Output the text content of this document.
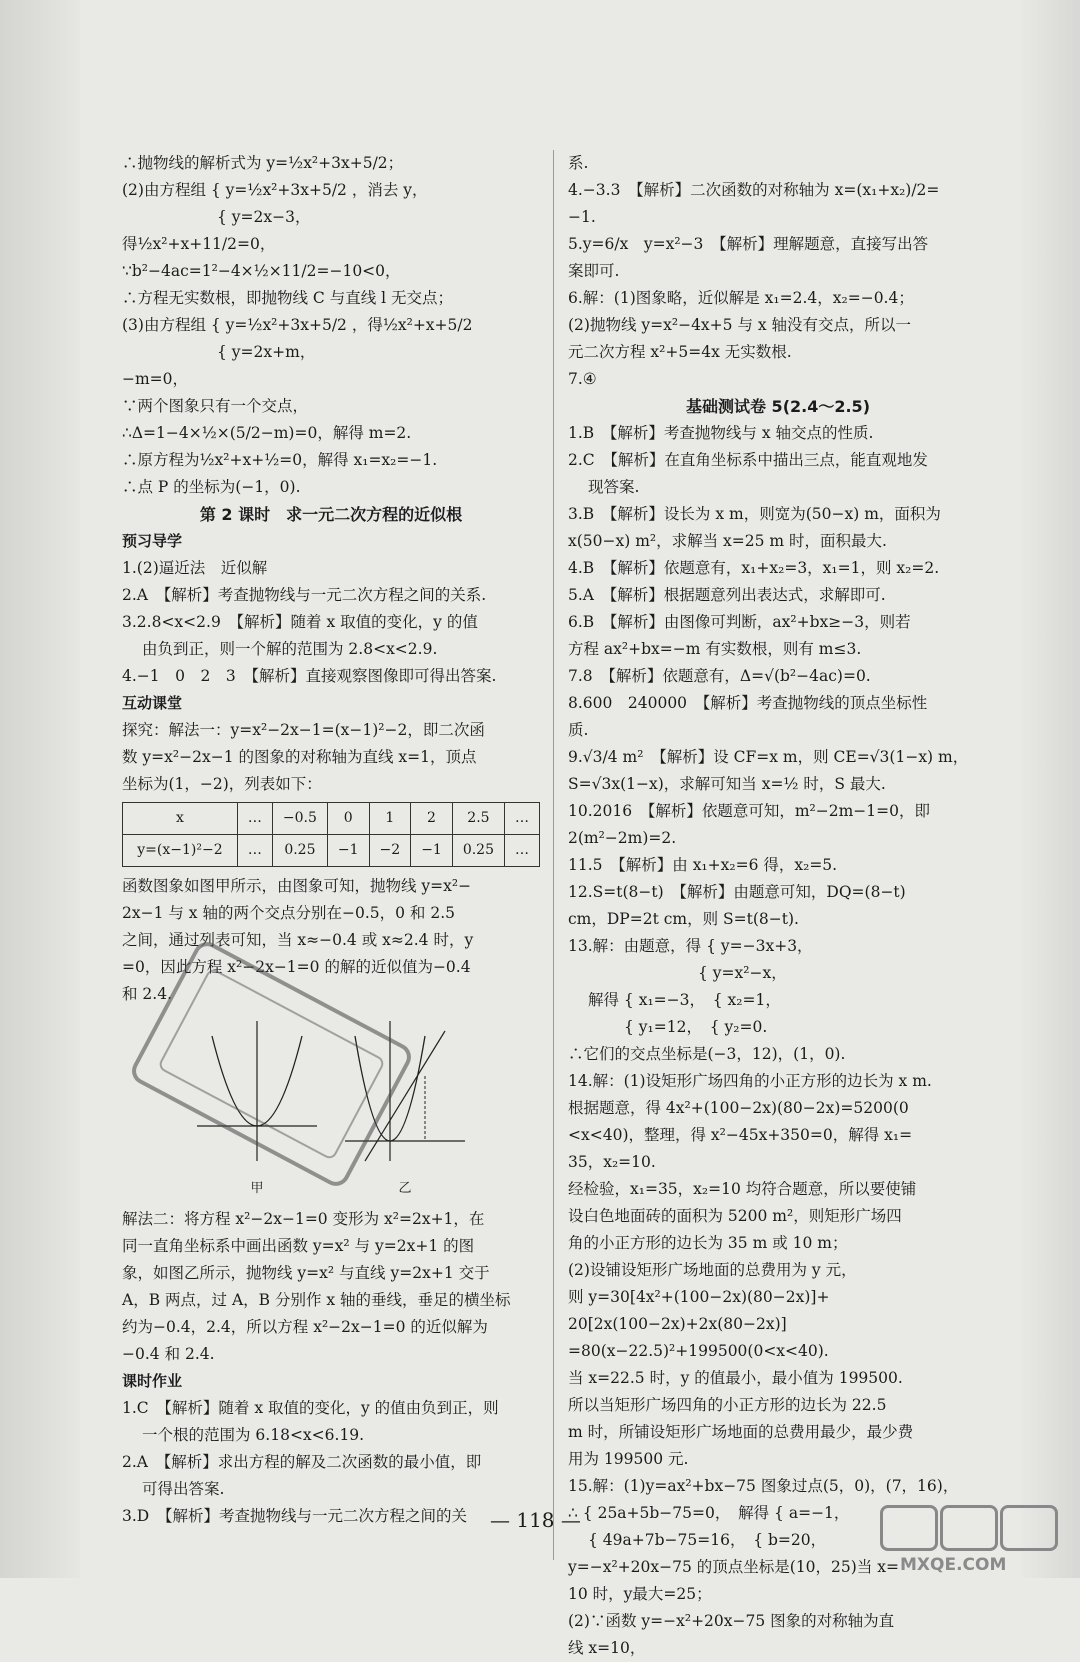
∴抛物线的解析式为 y=½x²+3x+5/2；
(2)由方程组 { y=½x²+3x+5/2 ，消去 y，
{ y=2x−3，
得½x²+x+11/2=0，
∵b²−4ac=1²−4×½×11/2=−10<0，
∴方程无实数根，即抛物线 C 与直线 l 无交点；
(3)由方程组 { y=½x²+3x+5/2 ，得½x²+x+5/2
{ y=2x+m，
−m=0，
∵两个图象只有一个交点，
∴Δ=1−4×½×(5/2−m)=0，解得 m=2.
∴原方程为½x²+x+½=0，解得 x₁=x₂=−1.
∴点 P 的坐标为(−1，0).
第 2 课时　求一元二次方程的近似根
预习导学
1.(2)逼近法　近似解
2.A　【解析】考查抛物线与一元二次方程之间的关系.
3.2.8<x<2.9　【解析】随着 x 取值的变化，y 的值
由负到正，则一个解的范围为 2.8<x<2.9.
4.−1　0　2　3　【解析】直接观察图像即可得出答案.
互动课堂
探究：解法一：y=x²−2x−1=(x−1)²−2，即二次函
数 y=x²−2x−1 的图象的对称轴为直线 x=1，顶点
坐标为(1，−2)，列表如下：
x	…	−0.5	0	1	2	2.5	…
y=(x−1)²−2	…	0.25	−1	−2	−1	0.25	…
函数图象如图甲所示，由图象可知，抛物线 y=x²−
2x−1 与 x 轴的两个交点分别在−0.5，0 和 2.5
之间，通过列表可知，当 x≈−0.4 或 x≈2.4 时，y
=0，因此方程 x²−2x−1=0 的解的近似值为−0.4
和 2.4.
甲	乙
解法二：将方程 x²−2x−1=0 变形为 x²=2x+1，在
同一直角坐标系中画出函数 y=x² 与 y=2x+1 的图
象，如图乙所示，抛物线 y=x² 与直线 y=2x+1 交于
A，B 两点，过 A，B 分别作 x 轴的垂线，垂足的横坐标
约为−0.4，2.4，所以方程 x²−2x−1=0 的近似解为
−0.4 和 2.4.
课时作业
1.C　【解析】随着 x 取值的变化，y 的值由负到正，则
一个根的范围为 6.18<x<6.19.
2.A　【解析】求出方程的解及二次函数的最小值，即
可得出答案.
3.D　【解析】考查抛物线与一元二次方程之间的关
系.
4.−3.3　【解析】二次函数的对称轴为 x=(x₁+x₂)/2=
−1.
5.y=6/x　y=x²−3　【解析】理解题意，直接写出答
案即可.
6.解：(1)图象略，近似解是 x₁=2.4，x₂=−0.4；
(2)抛物线 y=x²−4x+5 与 x 轴没有交点，所以一
元二次方程 x²+5=4x 无实数根.
7.④
基础测试卷 5(2.4～2.5)
1.B　【解析】考查抛物线与 x 轴交点的性质.
2.C　【解析】在直角坐标系中描出三点，能直观地发
现答案.
3.B　【解析】设长为 x m，则宽为(50−x) m，面积为
x(50−x) m²，求解当 x=25 m 时，面积最大.
4.B　【解析】依题意有，x₁+x₂=3，x₁=1，则 x₂=2.
5.A　【解析】根据题意列出表达式，求解即可.
6.B　【解析】由图像可判断，ax²+bx≥−3，则若
方程 ax²+bx=−m 有实数根，则有 m≤3.
7.8　【解析】依题意有，Δ=√(b²−4ac)=0.
8.600　240000　【解析】考查抛物线的顶点坐标性
质.
9.√3/4 m²　【解析】设 CF=x m，则 CE=√3(1−x) m，
S=√3x(1−x)，求解可知当 x=½ 时，S 最大.
10.2016　【解析】依题意可知，m²−2m−1=0，即
2(m²−2m)=2.
11.5　【解析】由 x₁+x₂=6 得，x₂=5.
12.S=t(8−t)　【解析】由题意可知，DQ=(8−t)
cm，DP=2t cm，则 S=t(8−t).
13.解：由题意，得 { y=−3x+3，
{ y=x²−x，
解得 { x₁=−3，　{ x₂=1，
{ y₁=12，　{ y₂=0.
∴它们的交点坐标是(−3，12)，(1，0).
14.解：(1)设矩形广场四角的小正方形的边长为 x m.
根据题意，得 4x²+(100−2x)(80−2x)=5200(0
<x<40)，整理，得 x²−45x+350=0，解得 x₁=
35，x₂=10.
经检验，x₁=35，x₂=10 均符合题意，所以要使铺
设白色地面砖的面积为 5200 m²，则矩形广场四
角的小正方形的边长为 35 m 或 10 m；
(2)设铺设矩形广场地面的总费用为 y 元，
则 y=30[4x²+(100−2x)(80−2x)]+
20[2x(100−2x)+2x(80−2x)]
=80(x−22.5)²+199500(0<x<40).
当 x=22.5 时，y 的值最小，最小值为 199500.
所以当矩形广场四角的小正方形的边长为 22.5
m 时，所铺设矩形广场地面的总费用最少，最少费
用为 199500 元.
15.解：(1)y=ax²+bx−75 图象过点(5，0)，(7，16)，
∴ { 25a+5b−75=0，　解得 { a=−1，
{ 49a+7b−75=16，　{ b=20，
y=−x²+20x−75 的顶点坐标是(10，25)当 x=
10 时，y最大=25；
(2)∵函数 y=−x²+20x−75 图象的对称轴为直
线 x=10，
— 118 —
MXQE.COM
